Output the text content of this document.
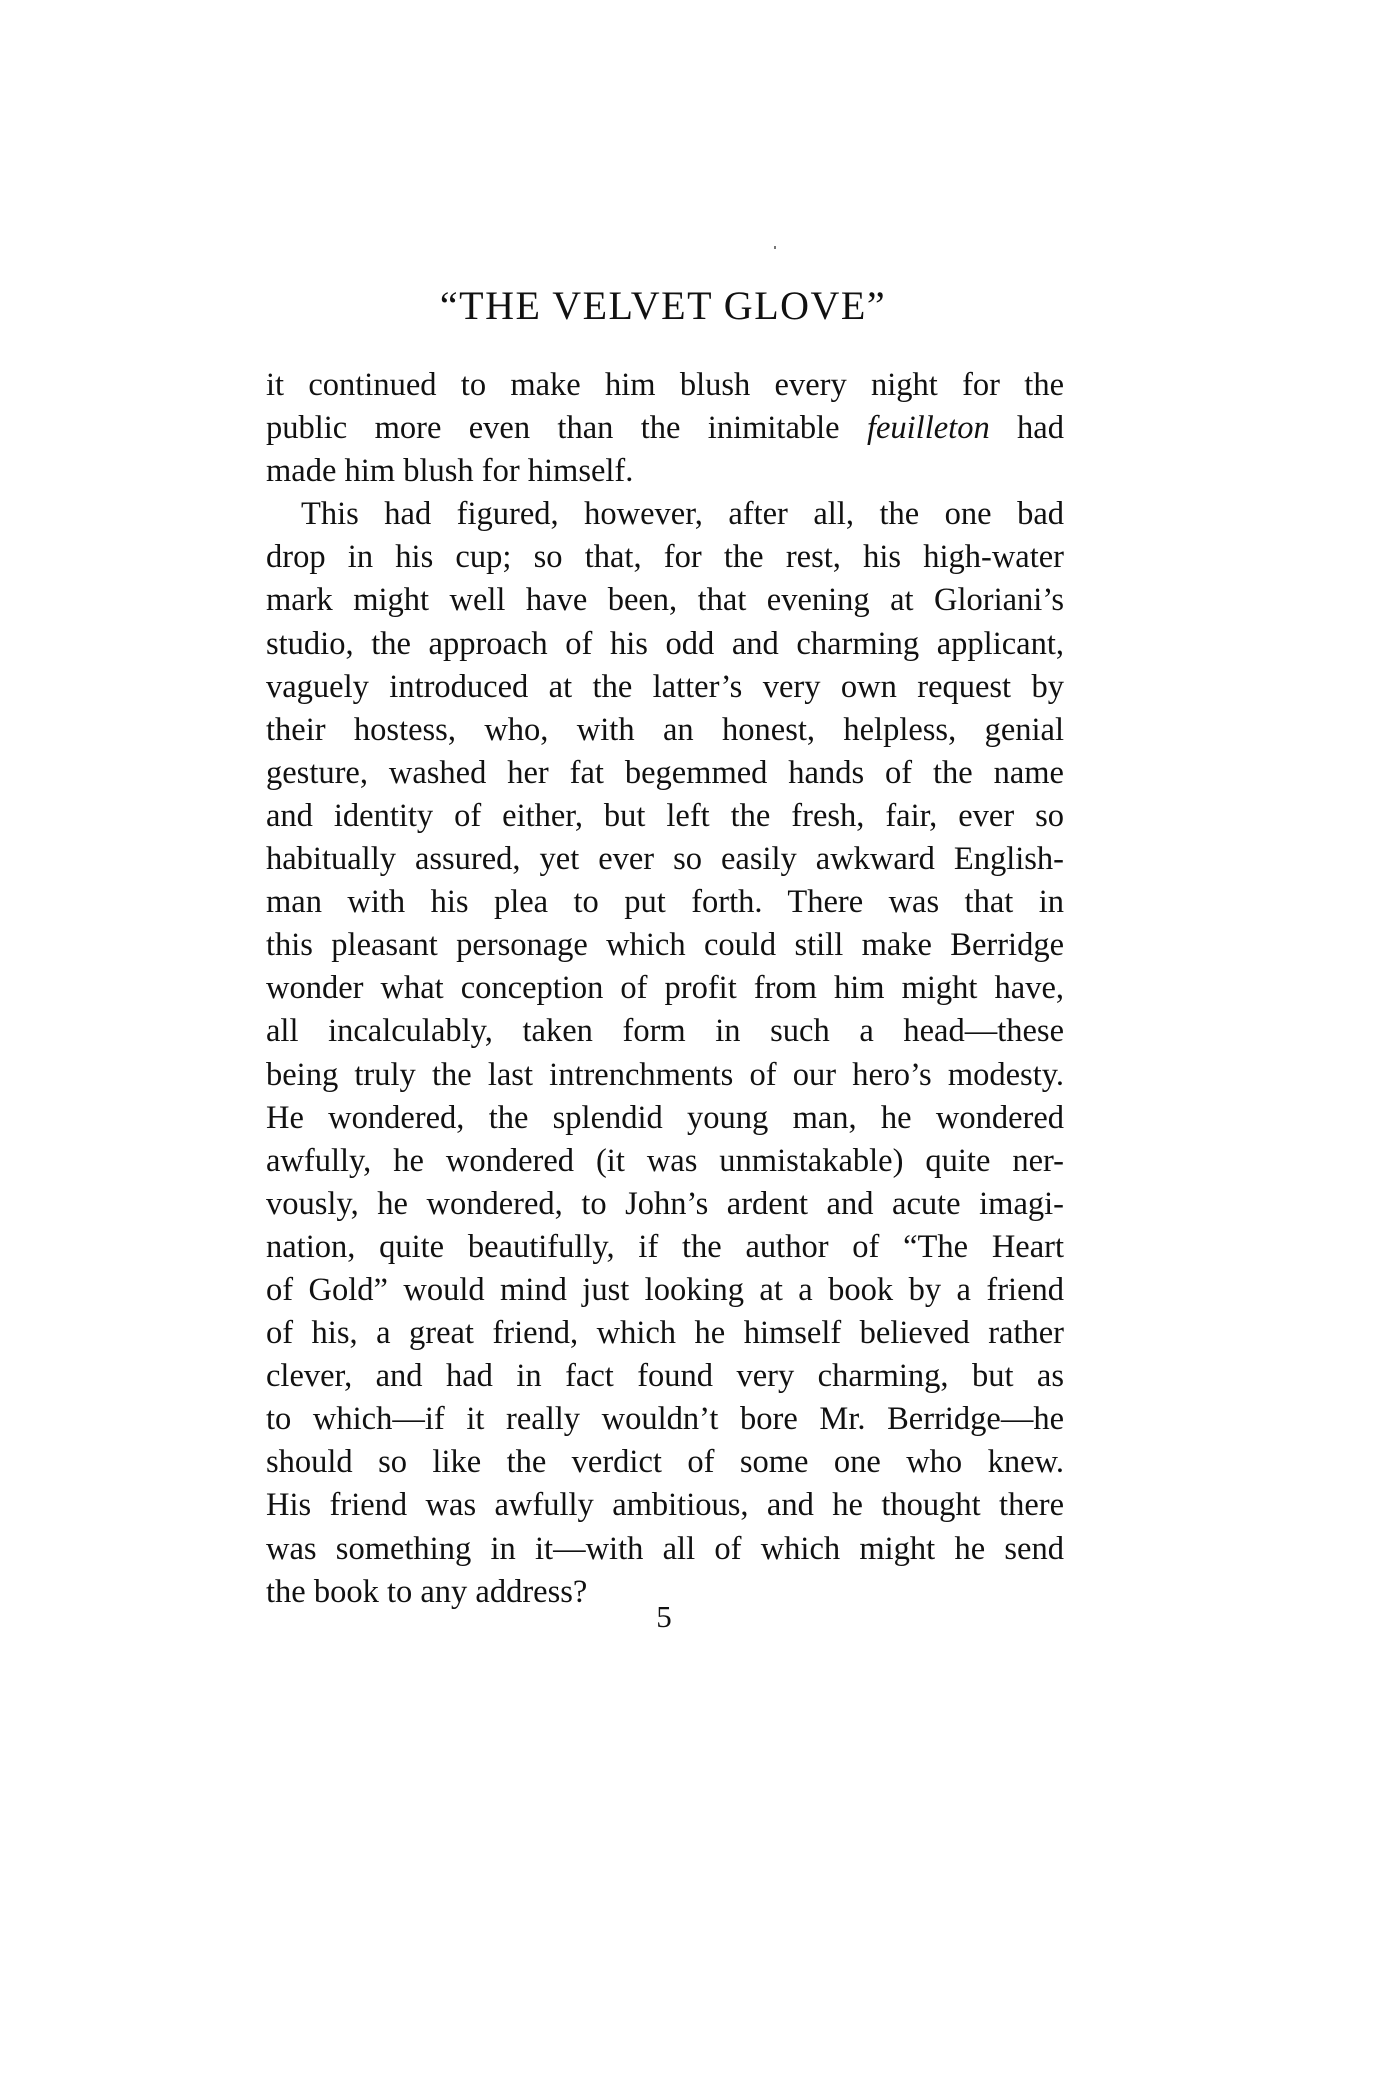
“THE VELVET GLOVE”
it continued to make him blush every night for the
public more even than the inimitable feuilleton had
made him blush for himself.
This had figured, however, after all, the one bad
drop in his cup; so that, for the rest, his high-water
mark might well have been, that evening at Gloriani’s
studio, the approach of his odd and charming applicant,
vaguely introduced at the latter’s very own request by
their hostess, who, with an honest, helpless, genial
gesture, washed her fat begemmed hands of the name
and identity of either, but left the fresh, fair, ever so
habitually assured, yet ever so easily awkward English-
man with his plea to put forth. There was that in
this pleasant personage which could still make Berridge
wonder what conception of profit from him might have,
all incalculably, taken form in such a head—these
being truly the last intrenchments of our hero’s modesty.
He wondered, the splendid young man, he wondered
awfully, he wondered (it was unmistakable) quite ner-
vously, he wondered, to John’s ardent and acute imagi-
nation, quite beautifully, if the author of “The Heart
of Gold” would mind just looking at a book by a friend
of his, a great friend, which he himself believed rather
clever, and had in fact found very charming, but as
to which—if it really wouldn’t bore Mr. Berridge—he
should so like the verdict of some one who knew.
His friend was awfully ambitious, and he thought there
was something in it—with all of which might he send
the book to any address?
5
